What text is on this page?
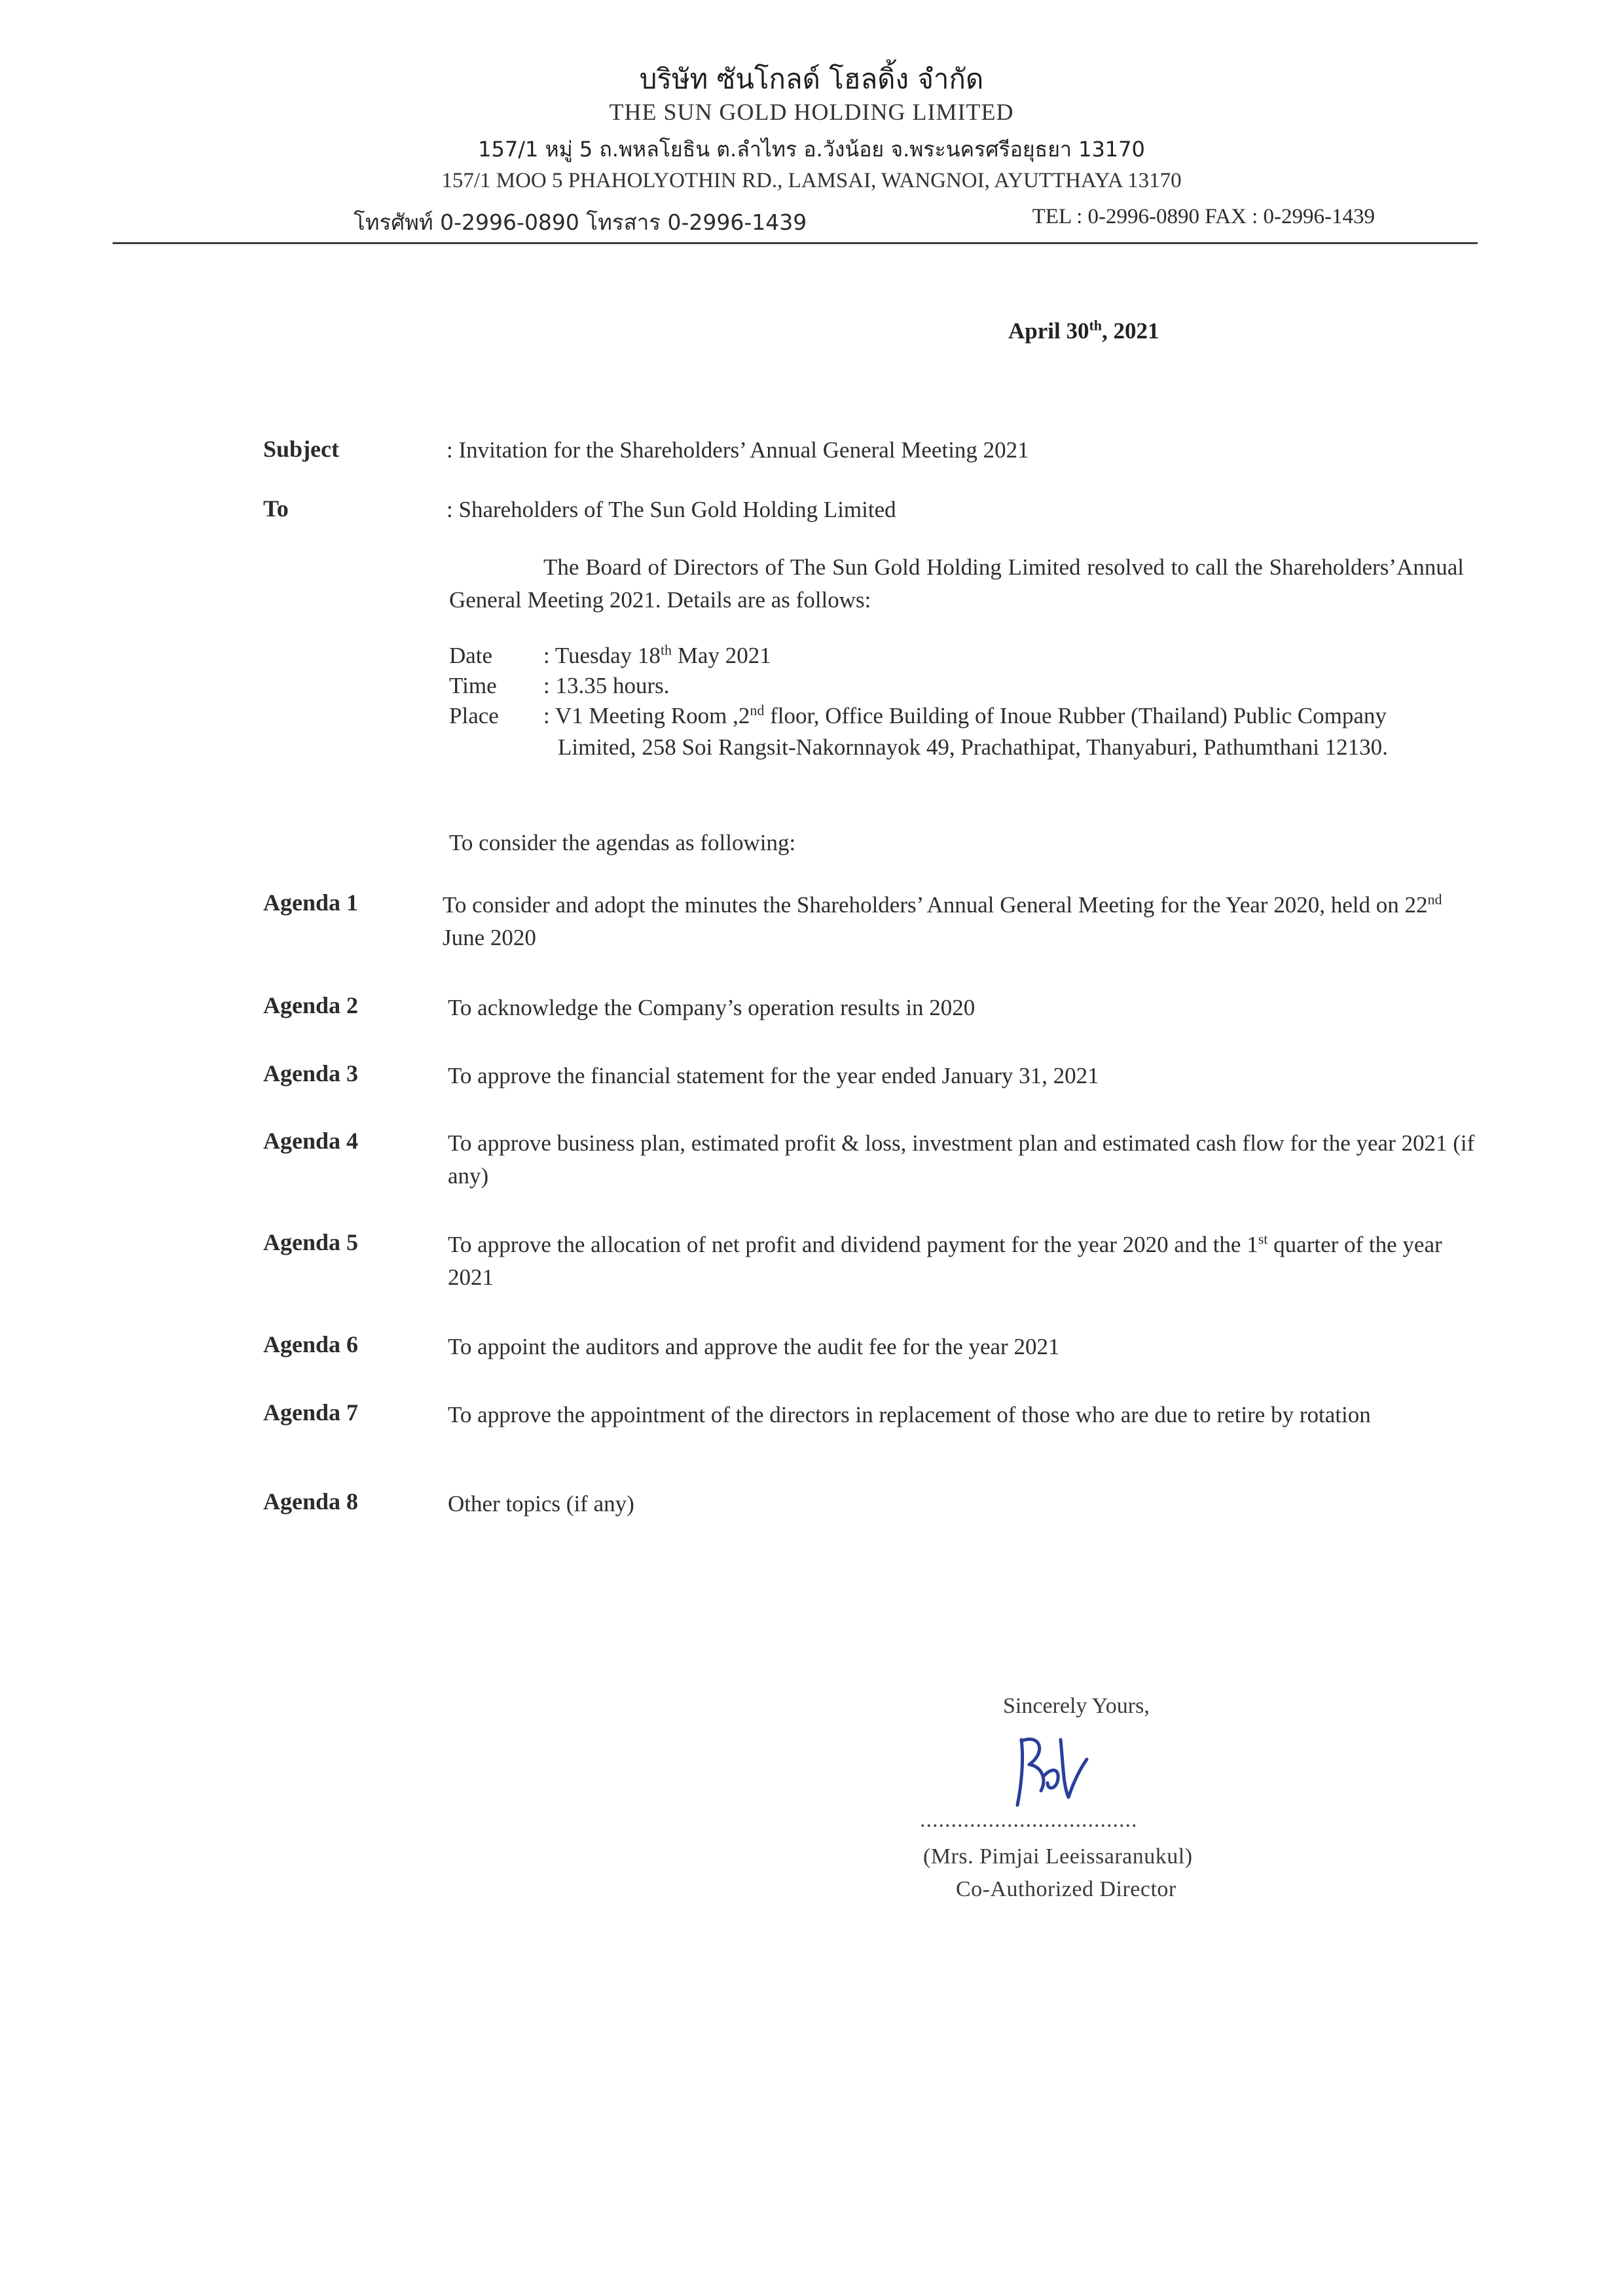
บริษัท ซันโกลด์ โฮลดิ้ง จำกัด
THE SUN GOLD HOLDING LIMITED
157/1 หมู่ 5 ถ.พหลโยธิน ต.ลำไทร อ.วังน้อย จ.พระนครศรีอยุธยา 13170
157/1 MOO 5 PHAHOLYOTHIN RD., LAMSAI, WANGNOI, AYUTTHAYA 13170
โทรศัพท์ 0-2996-0890 โทรสาร 0-2996-1439	TEL : 0-2996-0890 FAX : 0-2996-1439
April 30th, 2021
Subject	: Invitation for the Shareholders’ Annual General Meeting 2021
To	: Shareholders of The Sun Gold Holding Limited
The Board of Directors of The Sun Gold Holding Limited resolved to call the Shareholders’Annual General Meeting 2021. Details are as follows:
Date	: Tuesday 18th May 2021
Time	: 13.35 hours.
Place	: V1 Meeting Room ,2nd floor, Office Building of Inoue Rubber (Thailand) Public Company Limited, 258 Soi Rangsit-Nakornnayok 49, Prachathipat, Thanyaburi, Pathumthani 12130.
To consider the agendas as following:
Agenda 1	To consider and adopt the minutes the Shareholders’ Annual General Meeting for the Year 2020, held on 22nd June 2020
Agenda 2	To acknowledge the Company’s operation results in 2020
Agenda 3	To approve the financial statement for the year ended January 31, 2021
Agenda 4	To approve business plan, estimated profit & loss, investment plan and estimated cash flow for the year 2021 (if any)
Agenda 5	To approve the allocation of net profit and dividend payment for the year 2020 and the 1st quarter of the year 2021
Agenda 6	To appoint the auditors and approve the audit fee for the year 2021
Agenda 7	To approve the appointment of the directors in replacement of those who are due to retire by rotation
Agenda 8	Other topics (if any)
Sincerely Yours,
...................................
(Mrs. Pimjai Leeissaranukul)
Co-Authorized Director
